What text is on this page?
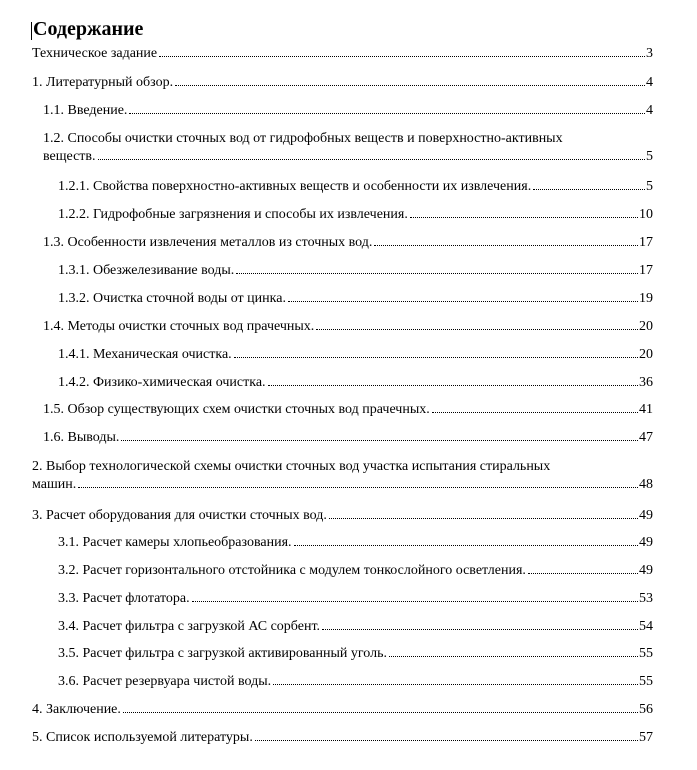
Содержание
Техническое задание	3
1. Литературный обзор.	4
1.1. Введение.	4
1.2. Способы очистки сточных вод от гидрофобных веществ и поверхностно-активных
веществ.	5
1.2.1. Свойства поверхностно-активных веществ и особенности их извлечения.	5
1.2.2. Гидрофобные загрязнения и способы их извлечения.	10
1.3. Особенности извлечения металлов из сточных вод.	17
1.3.1. Обезжелезивание воды.	17
1.3.2. Очистка сточной воды от цинка.	19
1.4. Методы очистки сточных вод прачечных.	20
1.4.1. Механическая очистка.	20
1.4.2. Физико-химическая очистка.	36
1.5. Обзор существующих схем очистки сточных вод прачечных.	41
1.6. Выводы.	47
2. Выбор технологической схемы очистки сточных вод участка испытания стиральных
машин.	48
3. Расчет оборудования для очистки сточных вод.	49
3.1. Расчет камеры хлопьеобразования.	49
3.2. Расчет горизонтального отстойника с модулем тонкослойного осветления.	49
3.3. Расчет флотатора.	53
3.4. Расчет фильтра с загрузкой АС сорбент.	54
3.5. Расчет фильтра с загрузкой активированный уголь.	55
3.6. Расчет резервуара чистой воды.	55
4. Заключение.	56
5. Список используемой литературы.	57
